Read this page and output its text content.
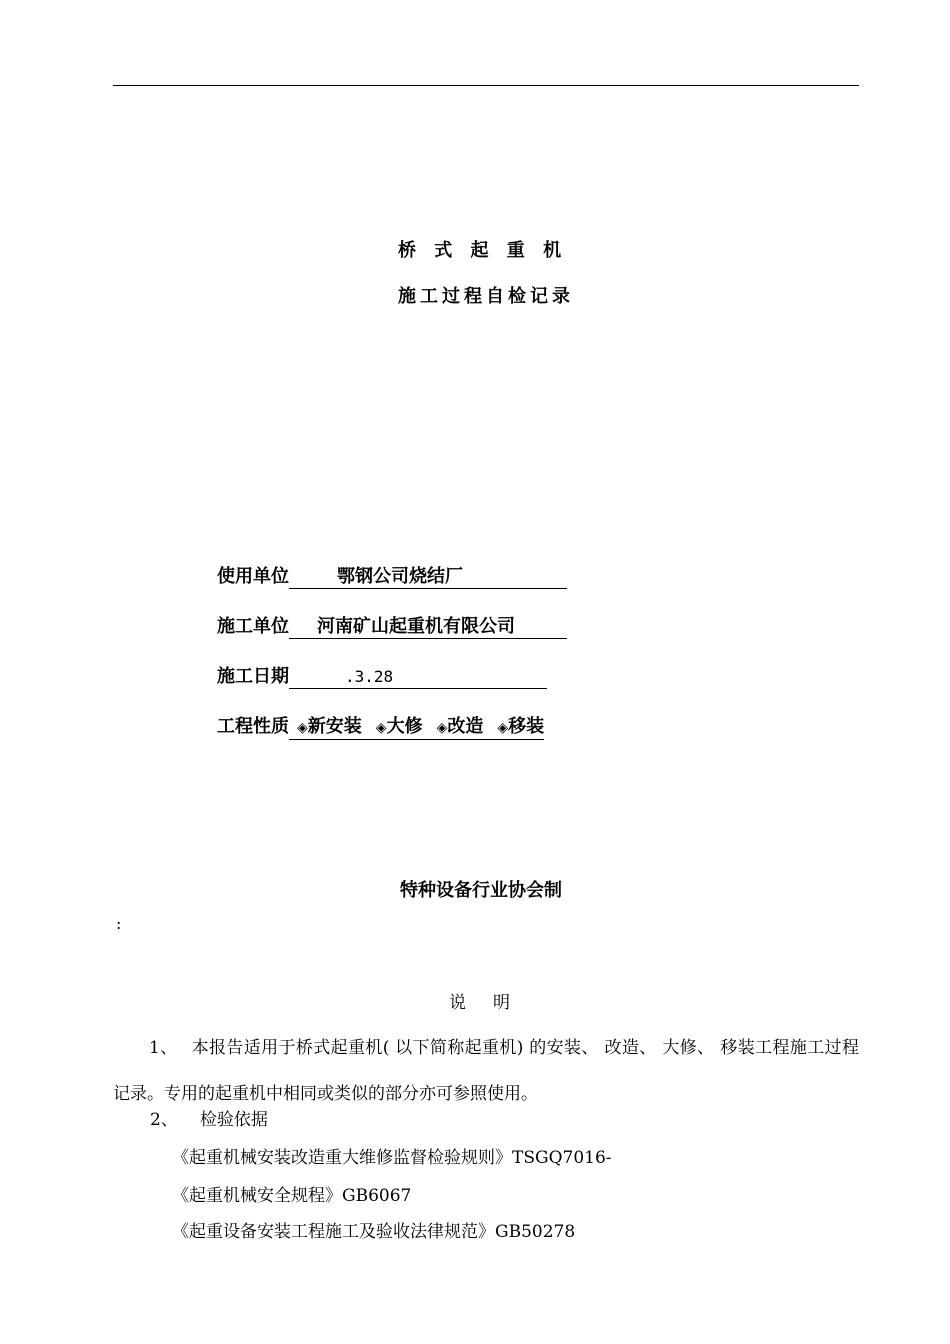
桥 式 起 重 机
施工过程自检记录
使用单位	鄂钢公司烧结厂
施工单位 河南矿山起重机有限公司
施工日期	.3.28
工程性质 ◈新安装 ◈大修 ◈改造 ◈移装
特种设备行业协会制
:
说     明
1、 本报告适用于桥式起重机( 以下简称起重机) 的安装、 改造、 大修、 移装工程施工过程记录。专用的起重机中相同或类似的部分亦可参照使用。
2、 检验依据
《起重机械安装改造重大维修监督检验规则》TSGQ7016-
《起重机械安全规程》GB6067
《起重设备安装工程施工及验收法律规范》GB50278
